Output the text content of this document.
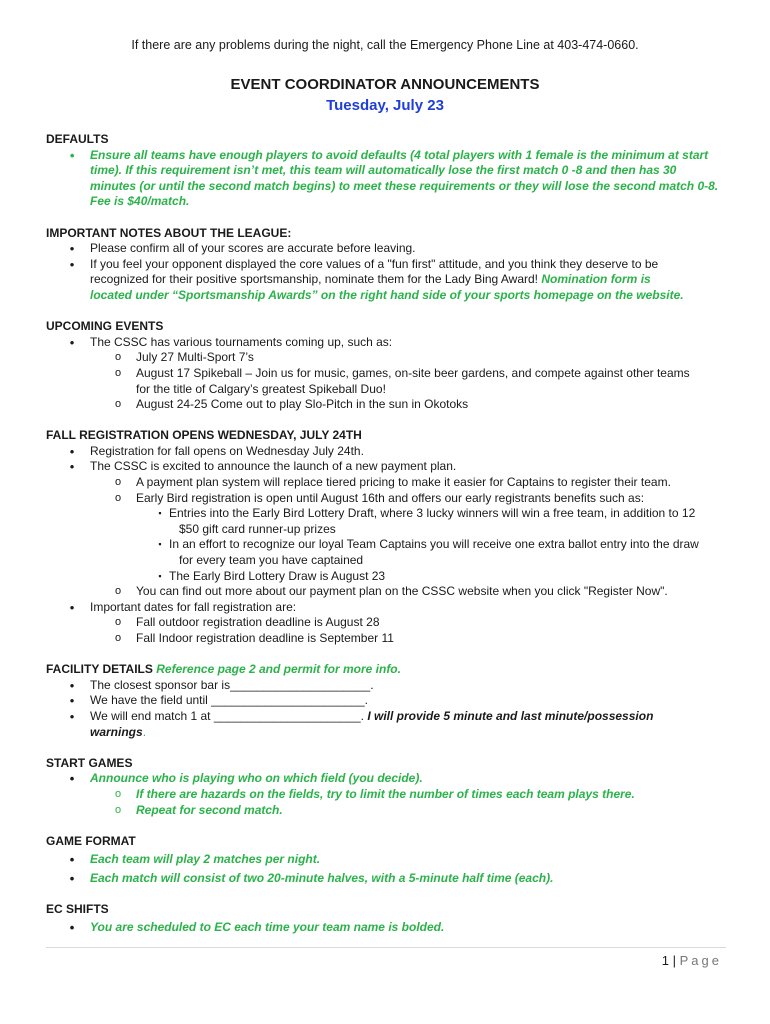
If there are any problems during the night, call the Emergency Phone Line at 403-474-0660.
EVENT COORDINATOR ANNOUNCEMENTS
Tuesday, July 23
DEFAULTS
•	Ensure all teams have enough players to avoid defaults (4 total players with 1 female is the minimum at start
time). If this requirement isn’t met, this team will automatically lose the first match 0 -8 and then has 30
minutes (or until the second match begins) to meet these requirements or they will lose the second match 0-8.
Fee is $40/match.
IMPORTANT NOTES ABOUT THE LEAGUE:
•	Please confirm all of your scores are accurate before leaving.
•	If you feel your opponent displayed the core values of a "fun first" attitude, and you think they deserve to be
recognized for their positive sportsmanship, nominate them for the Lady Bing Award! Nomination form is
located under “Sportsmanship Awards” on the right hand side of your sports homepage on the website.
UPCOMING EVENTS
•	The CSSC has various tournaments coming up, such as:
o	July 27 Multi-Sport 7’s
o	August 17 Spikeball – Join us for music, games, on-site beer gardens, and compete against other teams
for the title of Calgary’s greatest Spikeball Duo!
o	August 24-25 Come out to play Slo-Pitch in the sun in Okotoks
FALL REGISTRATION OPENS WEDNESDAY, JULY 24TH
•	Registration for fall opens on Wednesday July 24th.
•	The CSSC is excited to announce the launch of a new payment plan.
o	A payment plan system will replace tiered pricing to make it easier for Captains to register their team.
o	Early Bird registration is open until August 16th and offers our early registrants benefits such as:
▪ Entries into the Early Bird Lottery Draft, where 3 lucky winners will win a free team, in addition to 12
$50 gift card runner-up prizes
▪ In an effort to recognize our loyal Team Captains you will receive one extra ballot entry into the draw
for every team you have captained
▪ The Early Bird Lottery Draw is August 23
o	You can find out more about our payment plan on the CSSC website when you click "Register Now".
•	Important dates for fall registration are:
o	Fall outdoor registration deadline is August 28
o	Fall Indoor registration deadline is September 11
FACILITY DETAILS Reference page 2 and permit for more info.
•	The closest sponsor bar is_____________________.
•	We have the field until _______________________.
•	We will end match 1 at ______________________. I will provide 5 minute and last minute/possession
warnings.
START GAMES
•	Announce who is playing who on which field (you decide).
o	If there are hazards on the fields, try to limit the number of times each team plays there.
o	Repeat for second match.
GAME FORMAT
•	Each team will play 2 matches per night.
•	Each match will consist of two 20-minute halves, with a 5-minute half time (each).
EC SHIFTS
•	You are scheduled to EC each time your team name is bolded.
1 | Page
